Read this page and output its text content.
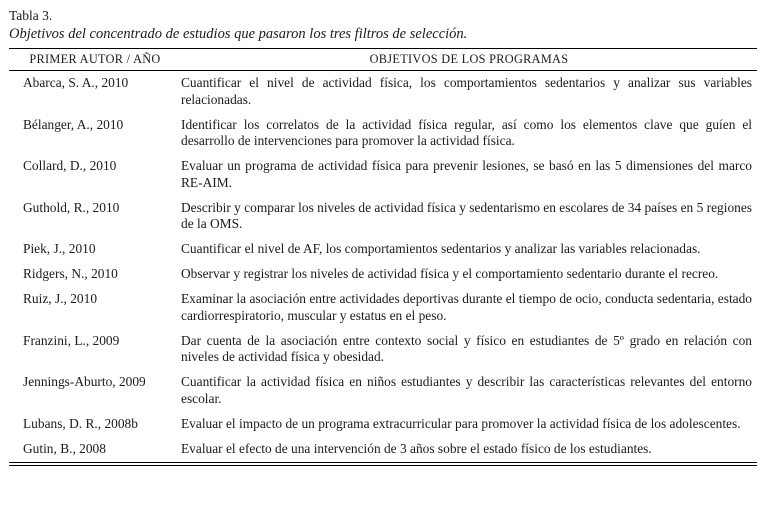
Tabla 3.
Objetivos del concentrado de estudios que pasaron los tres filtros de selección.
PRIMER AUTOR / AÑO	OBJETIVOS DE LOS PROGRAMAS
Abarca, S. A., 2010	Cuantificar el nivel de actividad física, los comportamientos sedentarios y analizar sus variables relacionadas.
Bélanger, A., 2010	Identificar los correlatos de la actividad física regular, así como los elementos clave que guíen el desarrollo de intervenciones para promover la actividad física.
Collard, D., 2010	Evaluar un programa de actividad física para prevenir lesiones, se basó en las 5 dimensiones del marco RE-AIM.
Guthold, R., 2010	Describir y comparar los niveles de actividad física y sedentarismo en escolares de 34 países en 5 regiones de la OMS.
Piek, J., 2010	Cuantificar el nivel de AF, los comportamientos sedentarios y analizar las variables relacionadas.
Ridgers, N., 2010	Observar y registrar los niveles de actividad física y el comportamiento sedentario durante el recreo.
Ruiz, J., 2010	Examinar la asociación entre actividades deportivas durante el tiempo de ocio, conducta sedentaria, estado cardiorrespiratorio, muscular y estatus en el peso.
Franzini, L., 2009	Dar cuenta de la asociación entre contexto social y físico en estudiantes de 5º grado en relación con niveles de actividad física y obesidad.
Jennings-Aburto, 2009	Cuantificar la actividad física en niños estudiantes y describir las características relevantes del entorno escolar.
Lubans, D. R., 2008b	Evaluar el impacto de un programa extracurricular para promover la actividad física de los adolescentes.
Gutin, B., 2008	Evaluar el efecto de una intervención de 3 años sobre el estado físico de los estudiantes.
